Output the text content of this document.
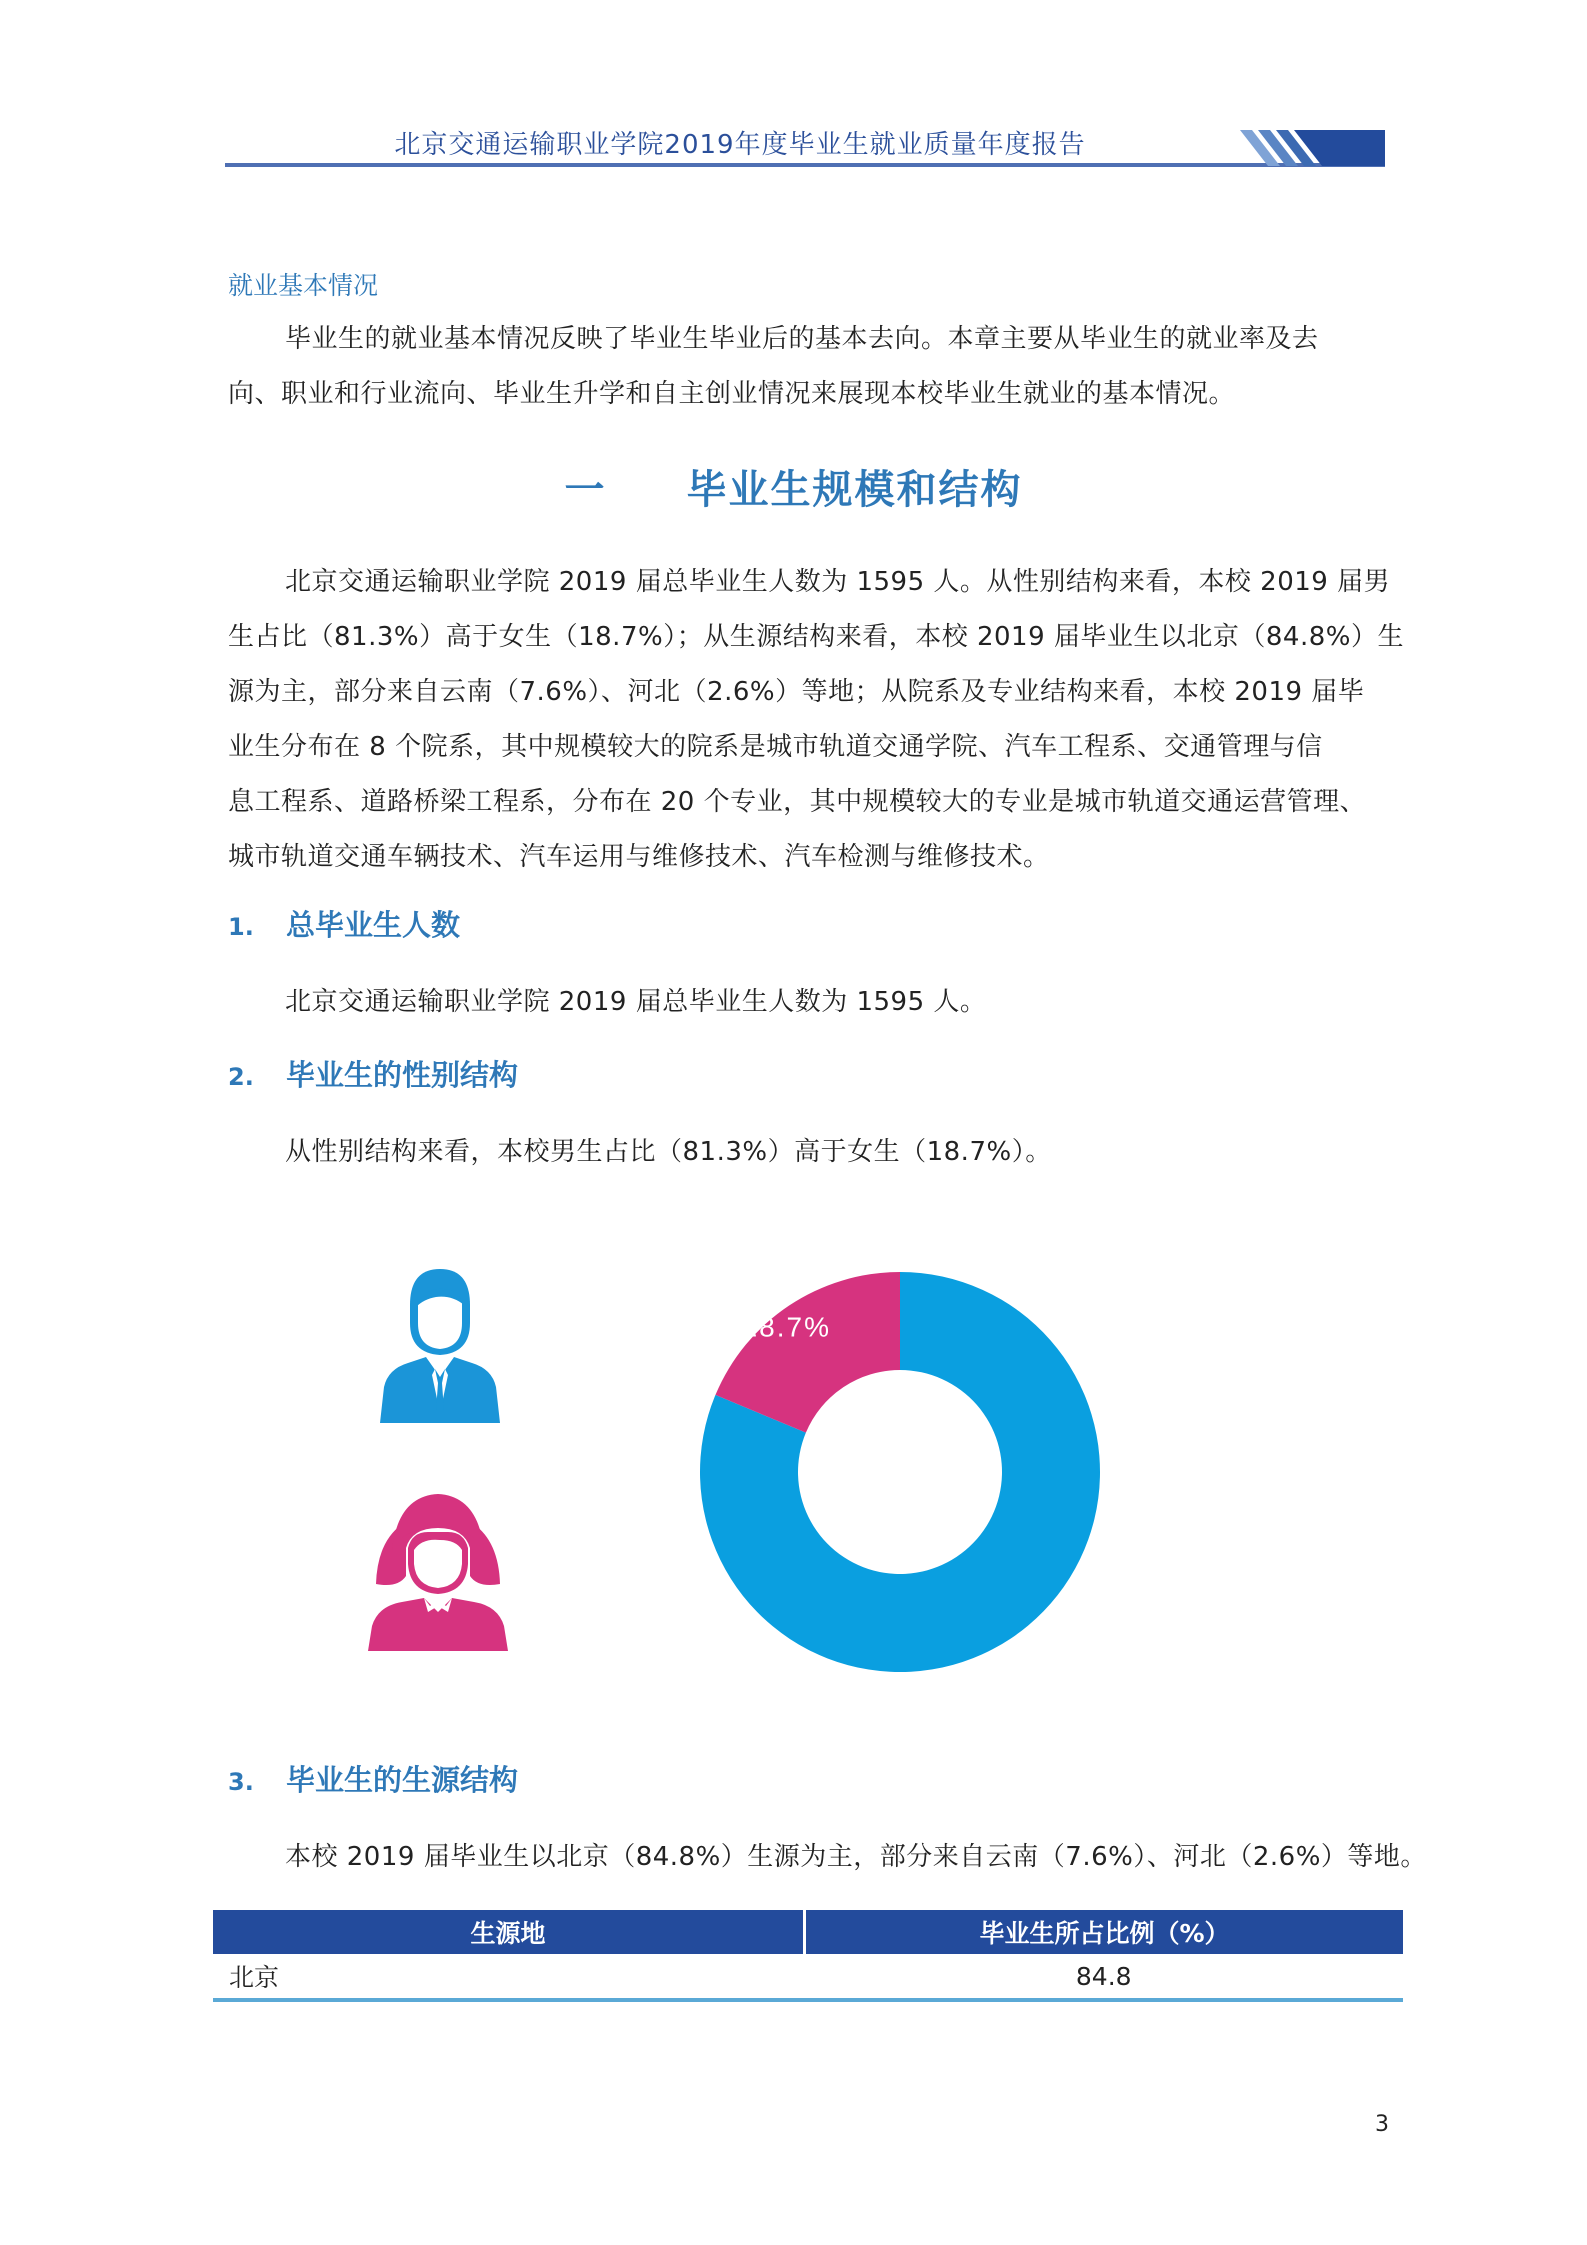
北京交通运输职业学院2019年度毕业生就业质量年度报告
就业基本情况
毕业生的就业基本情况反映了毕业生毕业后的基本去向。本章主要从毕业生的就业率及去
向、职业和行业流向、毕业生升学和自主创业情况来展现本校毕业生就业的基本情况。
一 毕业生规模和结构
北京交通运输职业学院 2019 届总毕业生人数为 1595 人。从性别结构来看，本校 2019 届男
生占比（81.3%）高于女生（18.7%）；从生源结构来看，本校 2019 届毕业生以北京（84.8%）生
源为主，部分来自云南（7.6%）、河北（2.6%）等地；从院系及专业结构来看，本校 2019 届毕
业生分布在 8 个院系，其中规模较大的院系是城市轨道交通学院、汽车工程系、交通管理与信
息工程系、道路桥梁工程系，分布在 20 个专业，其中规模较大的专业是城市轨道交通运营管理、
城市轨道交通车辆技术、汽车运用与维修技术、汽车检测与维修技术。
1. 总毕业生人数
北京交通运输职业学院 2019 届总毕业生人数为 1595 人。
2. 毕业生的性别结构
从性别结构来看，本校男生占比（81.3%）高于女生（18.7%）。
81.3%
18.7%
3. 毕业生的生源结构
本校 2019 届毕业生以北京（84.8%）生源为主，部分来自云南（7.6%）、河北（2.6%）等地。
生源地	毕业生所占比例（%）
北京	84.8
3
